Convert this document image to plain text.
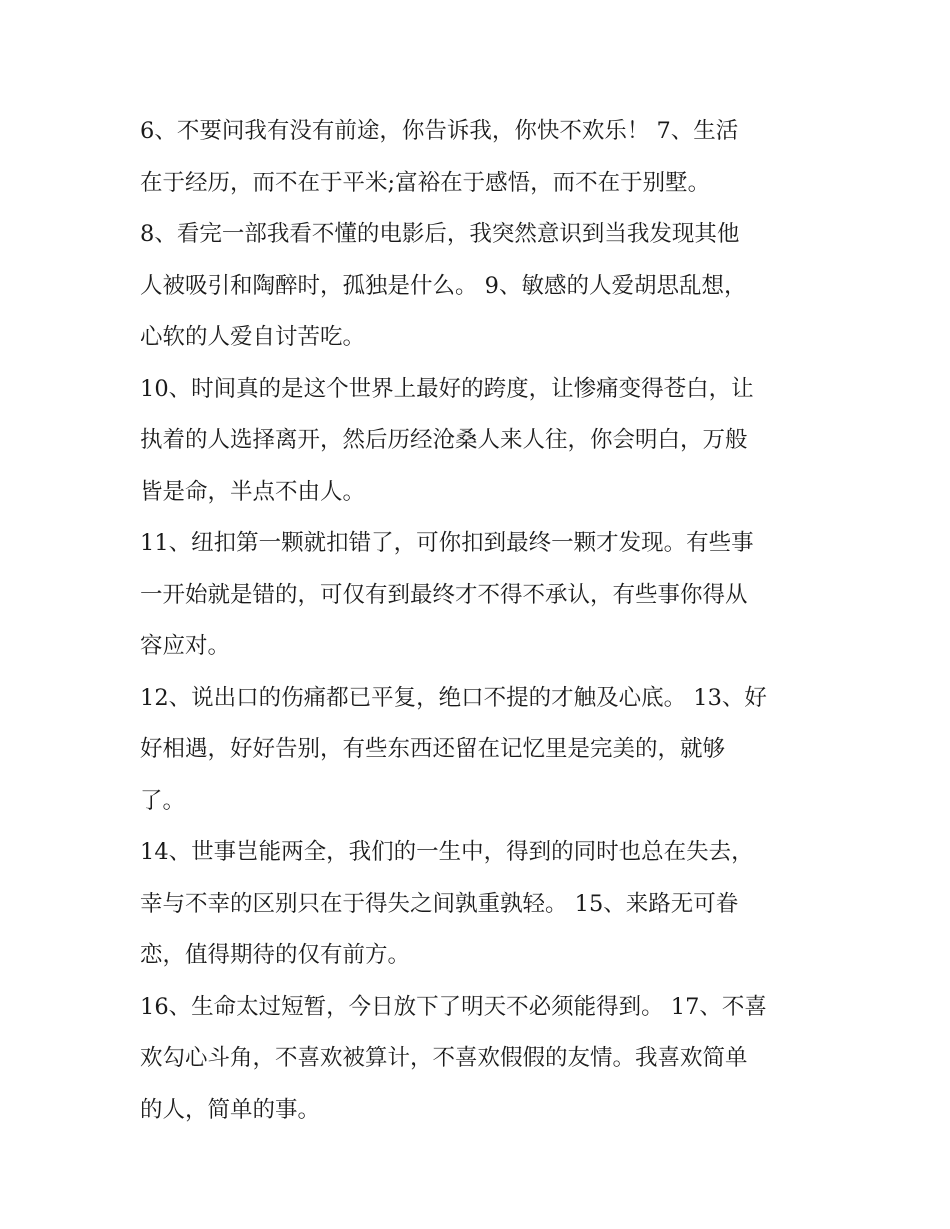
6、不要问我有没有前途，你告诉我，你快不欢乐！ 7、生活
在于经历，而不在于平米;富裕在于感悟，而不在于别墅。

8、看完一部我看不懂的电影后，我突然意识到当我发现其他
人被吸引和陶醉时，孤独是什么。 9、敏感的人爱胡思乱想，
心软的人爱自讨苦吃。

10、时间真的是这个世界上最好的跨度，让惨痛变得苍白，让
执着的人选择离开，然后历经沧桑人来人往，你会明白，万般
皆是命，半点不由人。

11、纽扣第一颗就扣错了，可你扣到最终一颗才发现。有些事
一开始就是错的，可仅有到最终才不得不承认，有些事你得从
容应对。

12、说出口的伤痛都已平复，绝口不提的才触及心底。 13、好
好相遇，好好告别，有些东西还留在记忆里是完美的，就够
了。

14、世事岂能两全，我们的一生中，得到的同时也总在失去，
幸与不幸的区别只在于得失之间孰重孰轻。 15、来路无可眷
恋，值得期待的仅有前方。

16、生命太过短暂，今日放下了明天不必须能得到。 17、不喜
欢勾心斗角，不喜欢被算计，不喜欢假假的友情。我喜欢简单
的人，简单的事。
